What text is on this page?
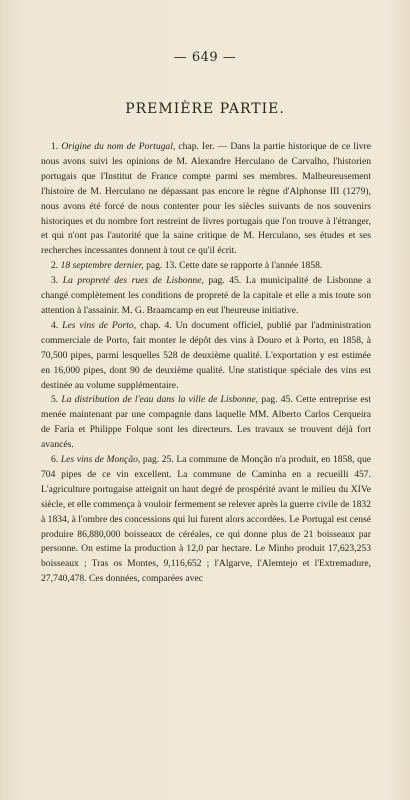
— 649 —
PREMIÈRE PARTIE.

1. Origine du nom de Portugal, chap. Ier. — Dans la partie historique de ce livre nous avons suivi les opinions de M. Alexandre Herculano de Carvalho, l'historien portugais que l'Institut de France compte parmi ses membres. Malheureusement l'histoire de M. Herculano ne dépassant pas encore le règne d'Alphonse III (1279), nous avons été forcé de nous contenter pour les siècles suivants de nos souvenirs historiques et du nombre fort restreint de livres portugais que l'on trouve à l'étranger, et qui n'ont pas l'autorité que la saine critique de M. Herculano, ses études et ses recherches incessantes donnent à tout ce qu'il écrit.

2. 18 septembre dernier, pag. 13. Cette date se rapporte à l'année 1858.

3. La propreté des rues de Lisbonne, pag. 45. La municipalité de Lisbonne a changé complètement les conditions de propreté de la capitale et elle a mis toute son attention à l'assainir. M. G. Braamcamp en eut l'heureuse initiative.

4. Les vins de Porto, chap. 4. Un document officiel, publié par l'administration commerciale de Porto, fait monter le dépôt des vins à Douro et à Porto, en 1858, à 70,500 pipes, parmi lesquelles 528 de deuxième qualité. L'exportation y est estimée en 16,000 pipes, dont 90 de deuxième qualité. Une statistique spéciale des vins est destinée au volume supplémentaire.

5. La distribution de l'eau dans la ville de Lisbonne, pag. 45. Cette entreprise est menée maintenant par une compagnie dans laquelle MM. Alberto Carlos Cerqueira de Faria et Philippe Folque sont les directeurs. Les travaux se trouvent déjà fort avancés.

6. Les vins de Monção, pag. 25. La commune de Monção n'a produit, en 1858, que 704 pipes de ce vin excellent. La commune de Caminha en a recueilli 457. L'agriculture portugaise atteignit un haut degré de prospérité avant le milieu du XIVe siècle, et elle commença à vouloir fermement se relever après la guerre civile de 1832 à 1834, à l'ombre des concessions qui lui furent alors accordées. Le Portugal est censé produire 86,880,000 boisseaux de céréales, ce qui donne plus de 21 boisseaux par personne. On estime la production à 12,0 par hectare. Le Minho produit 17,623,253 boisseaux ; Tras os Montes, 9,116,652 ; l'Algarve, l'Alemtejo et l'Extremadure, 27,740,478. Ces données, comparées avec
